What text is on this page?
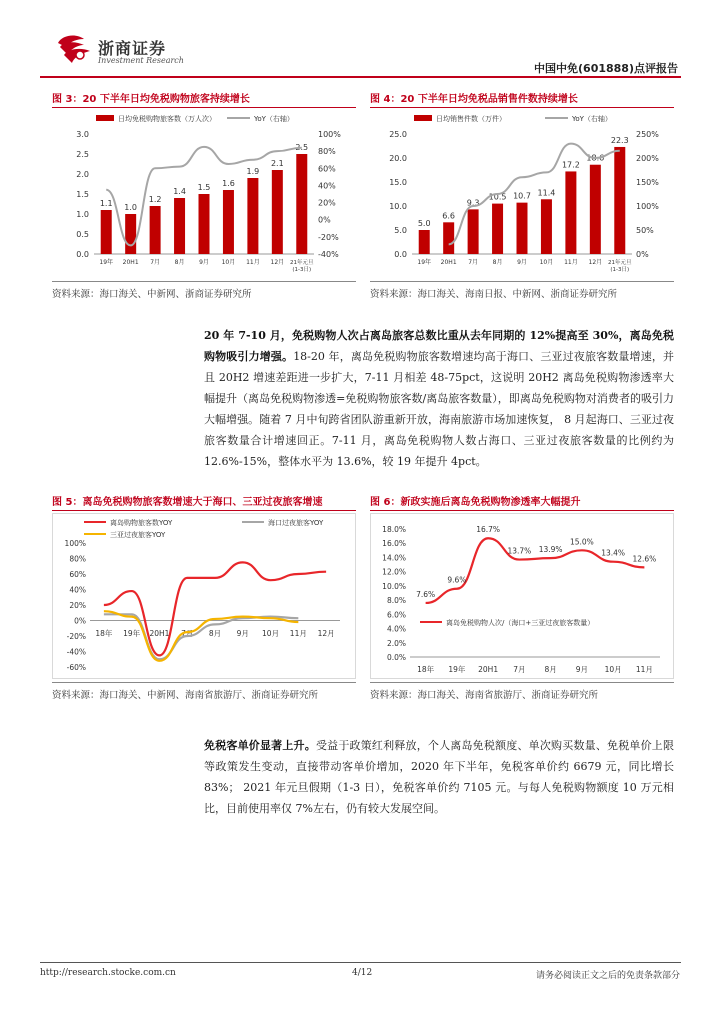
浙商证券
Investment Research
中国中免(601888)点评报告
图 3：20 下半年日均免税购物旅客持续增长
0.0
0.5
1.0
1.5
2.0
2.5
3.0
-40%
-20%
0%
20%
40%
60%
80%
100%
1.1
19年
1.0
20H1
1.2
7月
1.4
8月
1.5
9月
1.6
10月
1.9
11月
2.1
12月
2.5
21年元旦
(1-3日)
日均免税购物旅客数（万人次）	YoY（右轴）
资料来源：海口海关、中新网、浙商证券研究所
图 4：20 下半年日均免税品销售件数持续增长
0.0
5.0
10.0
15.0
20.0
25.0
0%
50%
100%
150%
200%
250%
5.0
19年
6.6
20H1
9.3
7月
10.5
8月
10.7
9月
11.4
10月
17.2
11月
18.6
12月
22.3
21年元旦
(1-3日)
日均销售件数（万件）	YoY（右轴）
资料来源：海口海关、海南日报、中新网、浙商证券研究所
20 年 7-10 月，免税购物人次占离岛旅客总数比重从去年同期的 12%提高至 30%，离岛免税购物吸引力增强。18-20 年，离岛免税购物旅客数增速均高于海口、三亚过夜旅客数量增速，并且 20H2 增速差距进一步扩大，7-11 月相差 48-75pct，这说明 20H2 离岛免税购物渗透率大幅提升（离岛免税购物渗透=免税购物旅客数/离岛旅客数量），即离岛免税购物对消费者的吸引力大幅增强。随着 7 月中旬跨省团队游重新开放，海南旅游市场加速恢复， 8 月起海口、三亚过夜旅客数量合计增速回正。7-11 月，离岛免税购物人数占海口、三亚过夜旅客数量的比例约为 12.6%-15%，整体水平为 13.6%，较 19 年提升 4pct。
图 5：离岛免税购物旅客数增速大于海口、三亚过夜旅客增速
-60%
-40%
-20%
0%
20%
40%
60%
80%
100%
18年 19年 20H1 7月 8月 9月 10月 11月 12月
离岛购物旅客数YOY	海口过夜旅客YOY
三亚过夜旅客YOY
资料来源：海口海关、中新网、海南省旅游厅、浙商证券研究所
图 6：新政实施后离岛免税购物渗透率大幅提升
0.0%
2.0%
4.0%
6.0%
8.0%
10.0%
12.0%
14.0%
16.0%
18.0%
18年 19年 20H1 7月	8月	9月 10月 11月
7.6%
9.6%
16.7%
13.7% 13.9%
15.0%
13.4%
12.6%
离岛免税购物人次/（海口+三亚过夜旅客数量）
资料来源：海口海关、海南省旅游厅、浙商证券研究所
免税客单价显著上升。受益于政策红利释放，个人离岛免税额度、单次购买数量、免税单价上限等政策发生变动，直接带动客单价增加，2020 年下半年，免税客单价约 6679 元，同比增长 83%； 2021 年元旦假期（1-3 日），免税客单价约 7105 元。与每人免税购物额度 10 万元相比，目前使用率仅 7%左右，仍有较大发展空间。
http://research.stocke.com.cn	4/12	请务必阅读正文之后的免责条款部分
